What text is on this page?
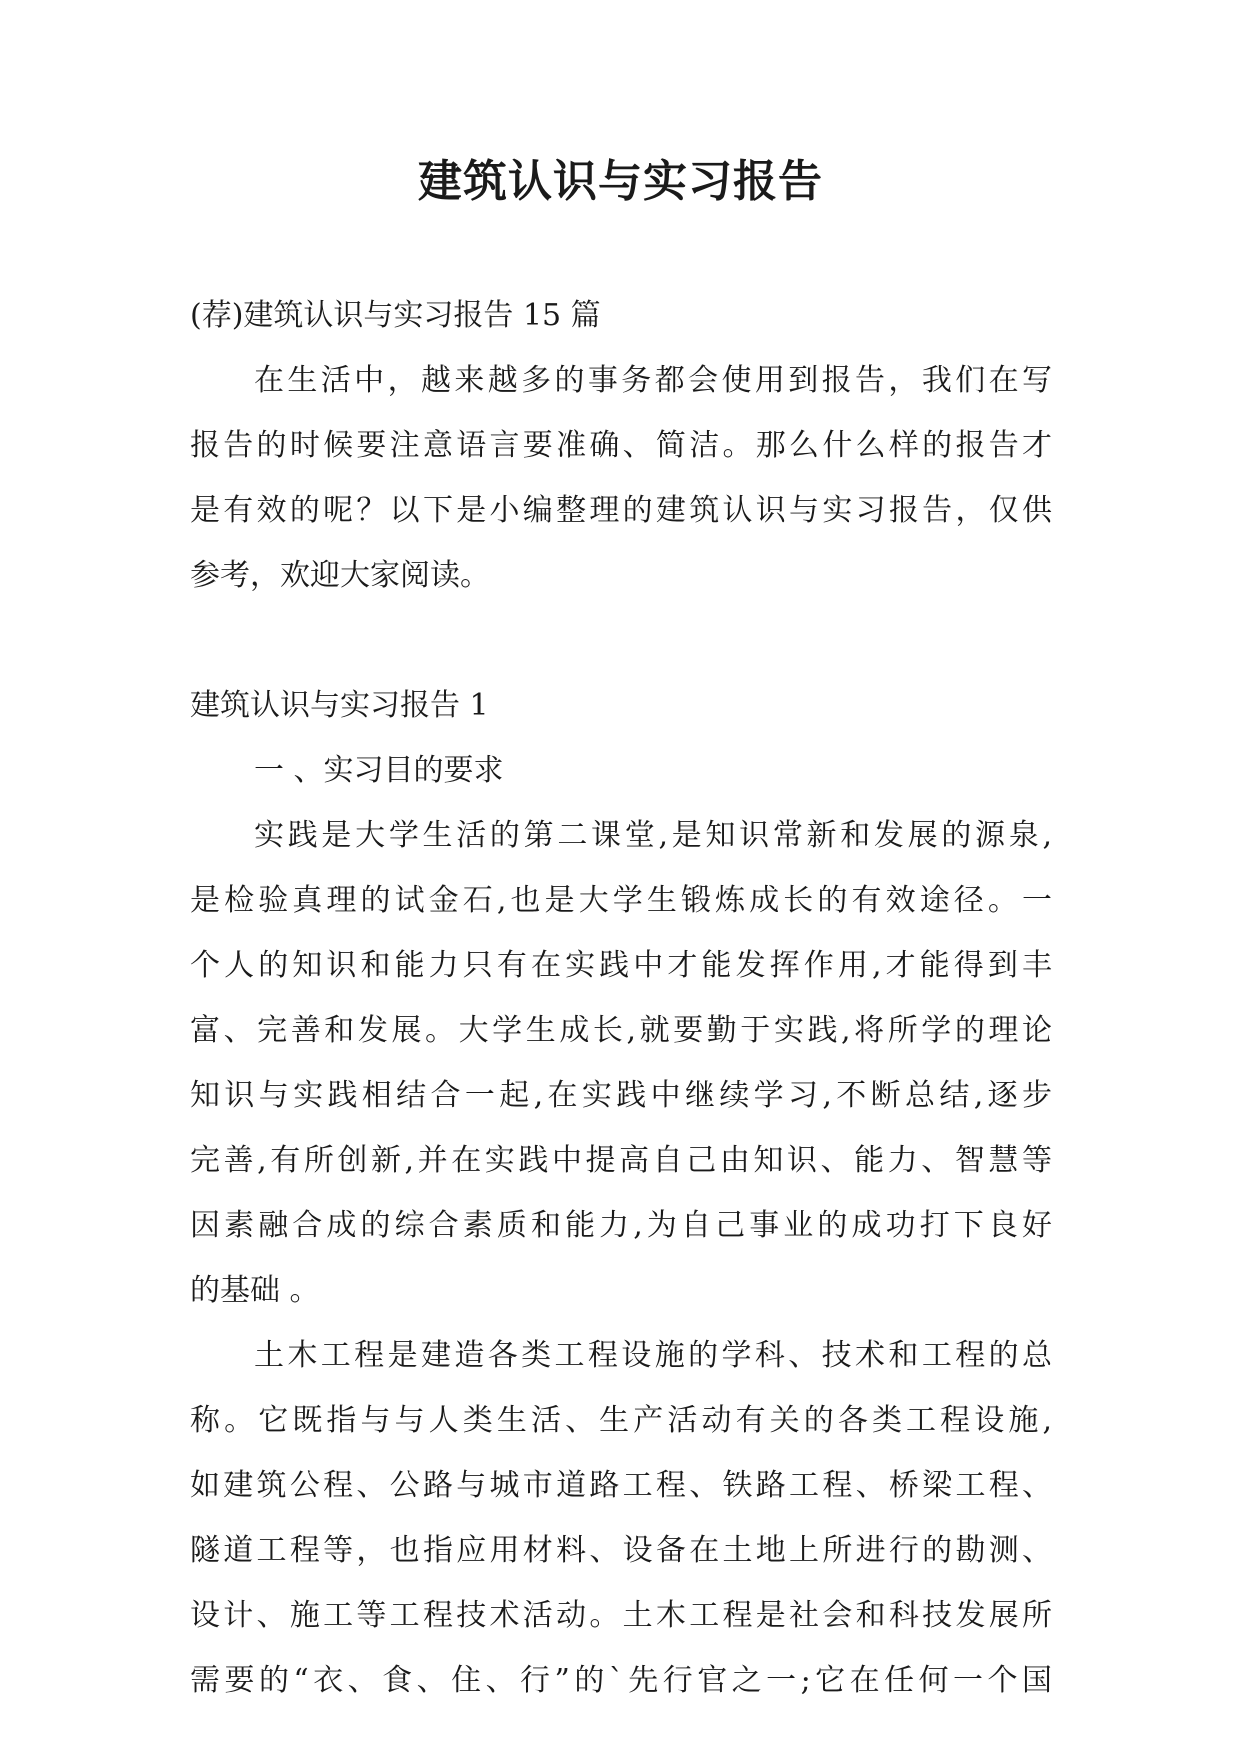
建筑认识与实习报告
(荐)建筑认识与实习报告 15 篇
在生活中，越来越多的事务都会使用到报告，我们在写
报告的时候要注意语言要准确、简洁。那么什么样的报告才
是有效的呢？以下是小编整理的建筑认识与实习报告，仅供
参考，欢迎大家阅读。
建筑认识与实习报告 1
一 、实习目的要求
实践是大学生活的第二课堂,是知识常新和发展的源泉,
是检验真理的试金石,也是大学生锻炼成长的有效途径。一
个人的知识和能力只有在实践中才能发挥作用,才能得到丰
富、完善和发展。大学生成长,就要勤于实践,将所学的理论
知识与实践相结合一起,在实践中继续学习,不断总结,逐步
完善,有所创新,并在实践中提高自己由知识、能力、智慧等
因素融合成的综合素质和能力,为自己事业的成功打下良好
的基础 。
土木工程是建造各类工程设施的学科、技术和工程的总
称。它既指与与人类生活、生产活动有关的各类工程设施,
如建筑公程、公路与城市道路工程、铁路工程、桥梁工程、
隧道工程等，也指应用材料、设备在土地上所进行的勘测、
设计、施工等工程技术活动。土木工程是社会和科技发展所
需要的“衣、食、住、行”的`先行官之一;它在任何一个国
